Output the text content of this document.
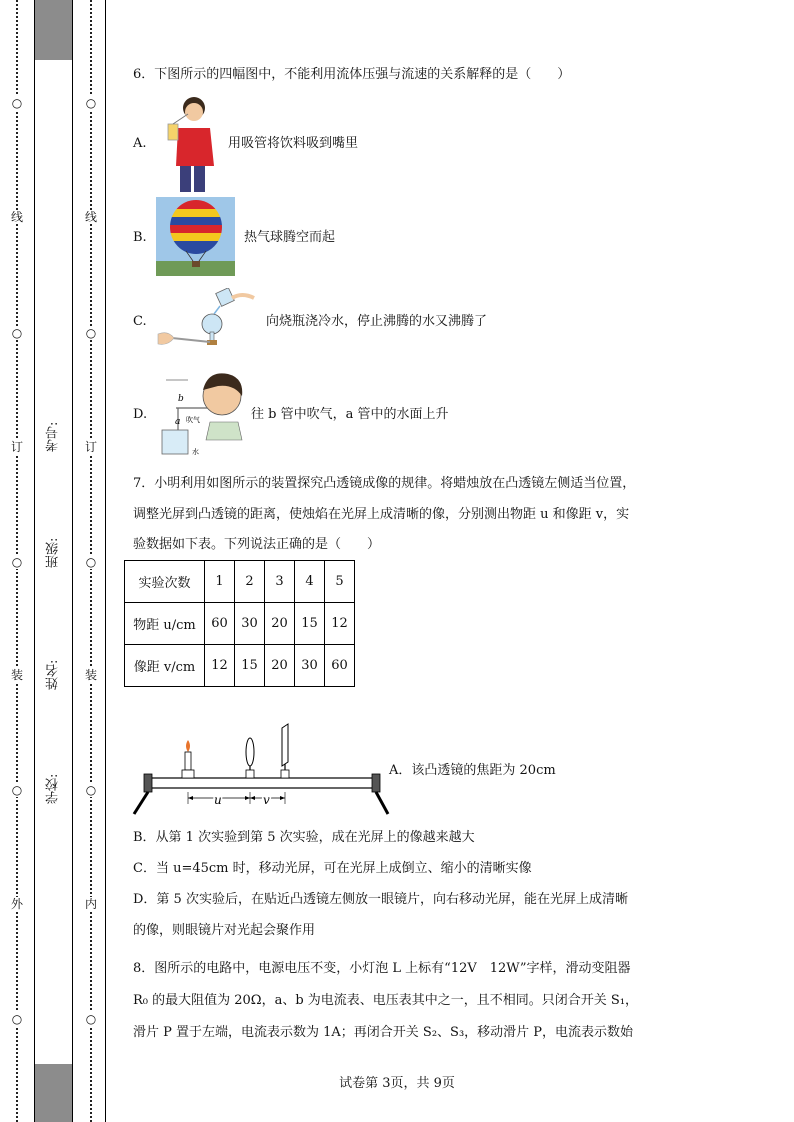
○
线
○
订
○
装
○
外
○
考号:
班级:
姓名:
学校:
○
线
○
订
○
装
○
内
○
6．下图所示的四幅图中，不能利用流体压强与流速的关系解释的是（　　）
A.	用吸管将饮料吸到嘴里
B.	热气球腾空而起
C.	向烧瓶浇冷水，停止沸腾的水又沸腾了
D.
b
a 吹气
水
往 b 管中吹气，a 管中的水面上升
7．小明利用如图所示的装置探究凸透镜成像的规律。将蜡烛放在凸透镜左侧适当位置，
调整光屏到凸透镜的距离，使烛焰在光屏上成清晰的像，分别测出物距 u 和像距 v，实
验数据如下表。下列说法正确的是（　　）
实验次数	1	2	3	4	5
物距 u/cm	60	30	20	15	12
像距 v/cm	12	15	20	30	60
u	v
A．该凸透镜的焦距为 20cm
B．从第 1 次实验到第 5 次实验，成在光屏上的像越来越大
C．当 u=45cm 时，移动光屏，可在光屏上成倒立、缩小的清晰实像
D．第 5 次实验后，在贴近凸透镜左侧放一眼镜片，向右移动光屏，能在光屏上成清晰
的像，则眼镜片对光起会聚作用
8．图所示的电路中，电源电压不变，小灯泡 L 上标有“12V　12W”字样，滑动变阻器
R₀ 的最大阻值为 20Ω，a、b 为电流表、电压表其中之一，且不相同。只闭合开关 S₁，
滑片 P 置于左端，电流表示数为 1A；再闭合开关 S₂、S₃，移动滑片 P，电流表示数始
试卷第 3页，共 9页
